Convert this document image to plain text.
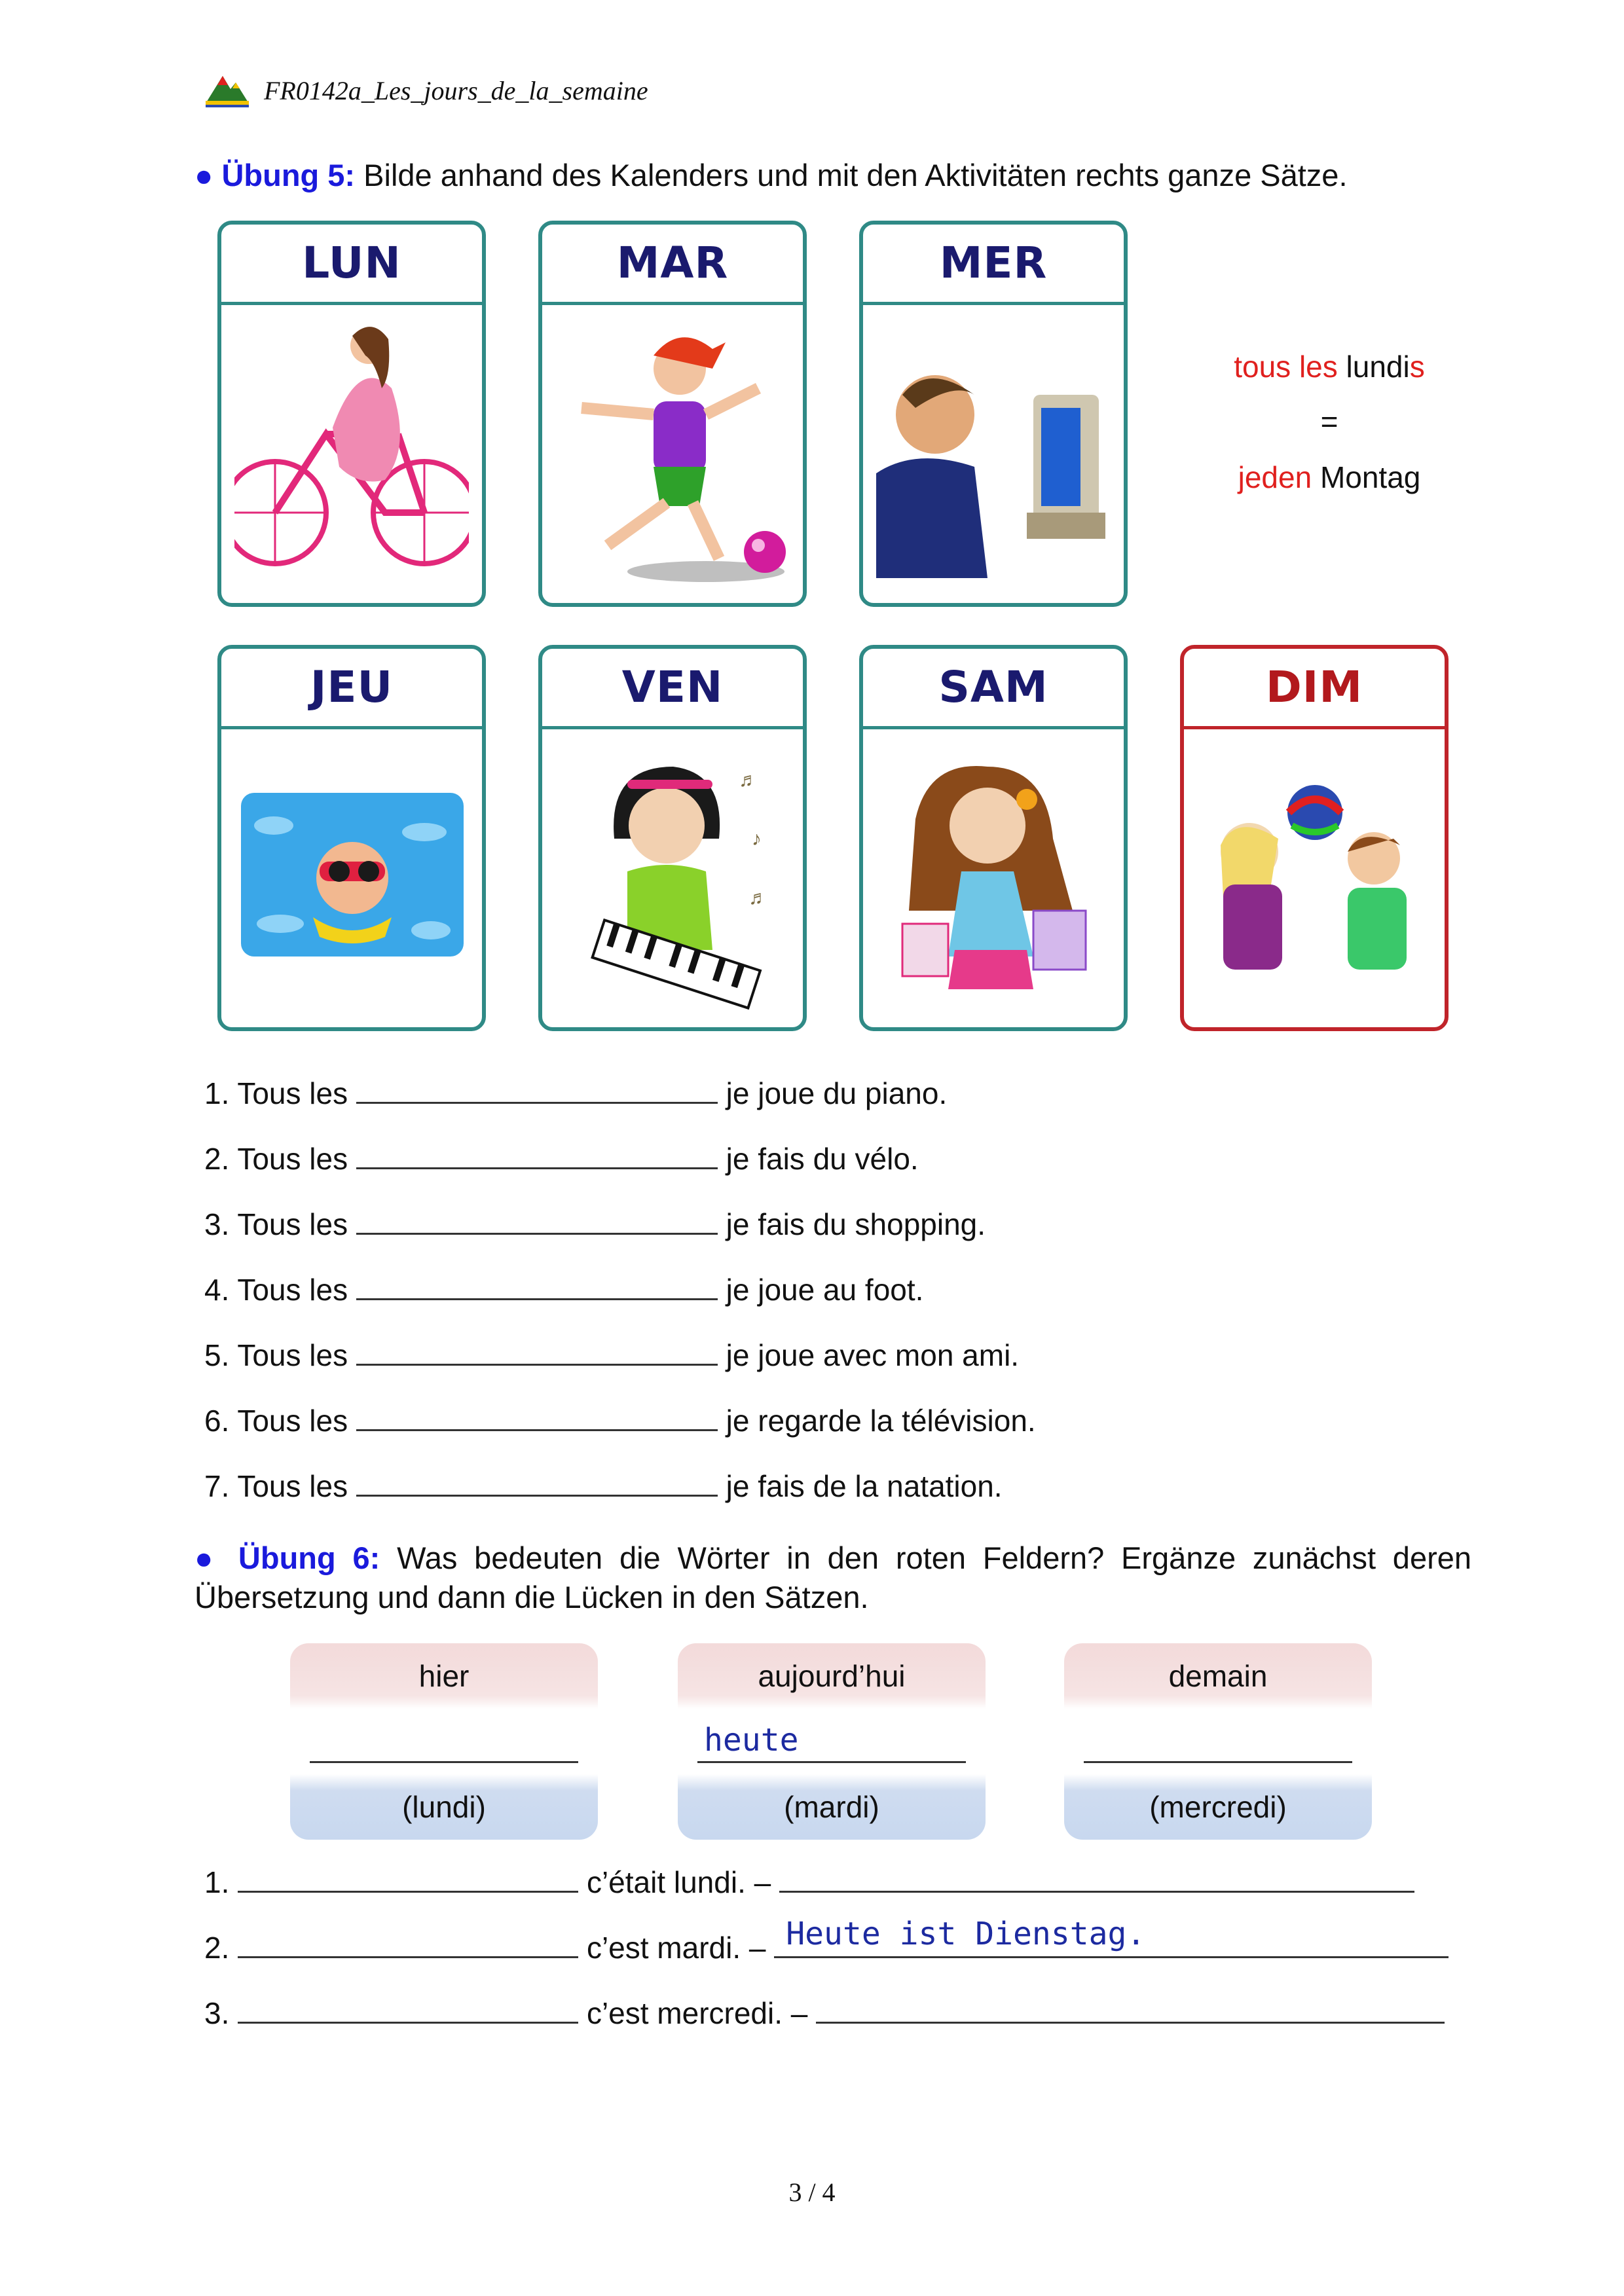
FR0142a_Les_jours_de_la_semaine
● Übung 5: Bilde anhand des Kalenders und mit den Aktivitäten rechts ganze Sätze.
LUN	MAR	MER
tous les lundis
=
jeden Montag
JEU	VEN
♬
♪
♬
SAM	DIM
1. Tous les	je joue du piano.
2. Tous les	je fais du vélo.
3. Tous les	je fais du shopping.
4. Tous les	je joue au foot.
5. Tous les	je joue avec mon ami.
6. Tous les	je regarde la télévision.
7. Tous les	je fais de la natation.
● Übung 6: Was bedeuten die Wörter in den roten Feldern? Ergänze zunächst deren
Übersetzung und dann die Lücken in den Sätzen.
hier
(lundi)
aujourd’hui
heute
(mardi)
demain
(mercredi)
1.	c’était lundi. –
2.	c’est mardi. – Heute ist Dienstag.
3.	c’est mercredi. –
3 / 4
